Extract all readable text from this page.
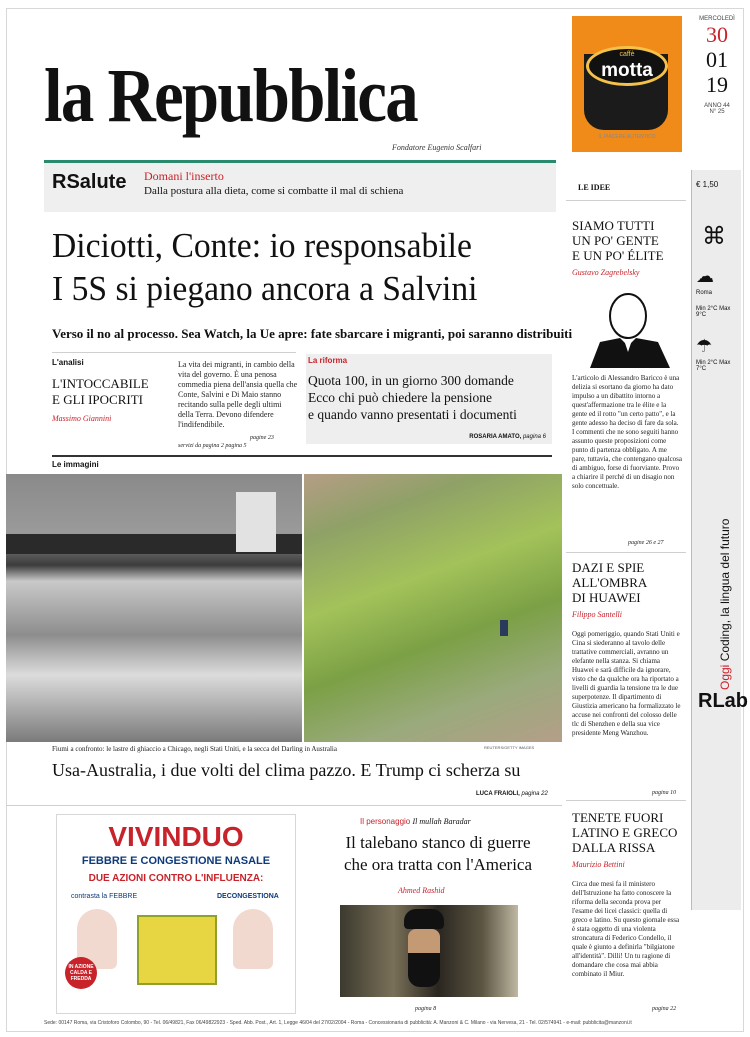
la Repubblica
Fondatore Eugenio Scalfari
caffè
motta
IL PIACERE AUTENTICO
MERCOLEDÌ
30
01
19
ANNO 44
N° 25
€ 1,50
⌘
☁
Roma
Min 2°C Max 9°C
☂
Min 2°C Max 7°C
RLab
Oggi Coding, la lingua del futuro
RSalute Domani l'inserto
Dalla postura alla dieta, come si combatte il mal di schiena	LE IDEE
Diciotti, Conte: io responsabile
I 5S si piegano ancora a Salvini
Verso il no al processo. Sea Watch, la Ue apre: fate sbarcare i migranti, poi saranno distribuiti
L'analisi
L'INTOCCABILE
E GLI IPOCRITI
Massimo Giannini
La vita dei migranti, in cambio della vita del governo. È una penosa commedia piena dell'ansia quella che Conte, Salvini e Di Maio stanno recitando sulla pelle degli ultimi della Terra. Devono difendere l'indifendibile.
pagine 23
servizi da pagina 2 pagina 5
La riforma
Quota 100, in un giorno 300 domande
Ecco chi può chiedere la pensione
e quando vanno presentati i documenti
ROSARIA AMATO, pagina 6
Le immagini
Fiumi a confronto: le lastre di ghiaccio a Chicago, negli Stati Uniti, e la secca del Darling in Australia	REUTERS/GETTY IMAGES
Usa-Australia, i due volti del clima pazzo. E Trump ci scherza su
LUCA FRAIOLI, pagina 22
SIAMO TUTTI
UN PO' GENTE
E UN PO' ÉLITE
Gustavo Zagrebelsky
L'articolo di Alessandro Baricco è una delizia si esortano da giorno ha dato impulso a un dibattito intorno a quest'affermazione tra le élite e la gente ed il rotto "un certo patto", e la gente adesso ha deciso di fare da sola. I commenti che ne sono seguiti hanno assunto queste proposizioni come punto di partenza obbligato. A me pare, tuttavia, che contengano qualcosa di ambiguo, forse di fuorviante. Provo a chiarire il perché di un disagio non solo concettuale.
pagine 26 e 27
DAZI E SPIE
ALL'OMBRA
DI HUAWEI
Filippo Santelli
Oggi pomeriggio, quando Stati Uniti e Cina si siederanno al tavolo delle trattative commerciali, avranno un elefante nella stanza. Si chiama Huawei e sarà difficile da ignorare, visto che da qualche ora ha riportato a livelli di guardia la tensione tra le due superpotenze. Il dipartimento di Giustizia americano ha formalizzato le accuse nei confronti del colosso delle tlc di Shenzhen e della sua vice presidente Meng Wanzhou.
pagina 10
TENETE FUORI
LATINO E GRECO
DALLA RISSA
Maurizio Bettini
Circa due mesi fa il ministero dell'Istruzione ha fatto conoscere la riforma della seconda prova per l'esame dei licei classici: quella di greco e latino. Su questo giornale essa è stata oggetto di una violenta stroncatura di Federico Condello, il quale è giunto a definirla "bilgiatone all'identità". Dilli! Un tu ragione di domandare che cosa mai abbia combinato il Miur.
pagina 22
VIVINDUO
FEBBRE E CONGESTIONE NASALE
DUE AZIONI CONTRO L'INFLUENZA:
contrasta la FEBBRE	DECONGESTIONA
IN AZIONE CALDA E FREDDA
Il personaggio Il mullah Baradar
Il talebano stanco di guerre
che ora tratta con l'America
Ahmed Rashid
pagina 8
Sede: 00147 Roma, via Cristoforo Colombo, 90 - Tel. 06/49821, Fax 06/49822923 - Sped. Abb. Post., Art. 1, Legge 46/04 del 27/02/2004 - Roma - Concessionaria di pubblicità: A. Manzoni & C. Milano - via Nervesa, 21 - Tel. 02/574941 - e-mail: pubblicita@manzoni.it
